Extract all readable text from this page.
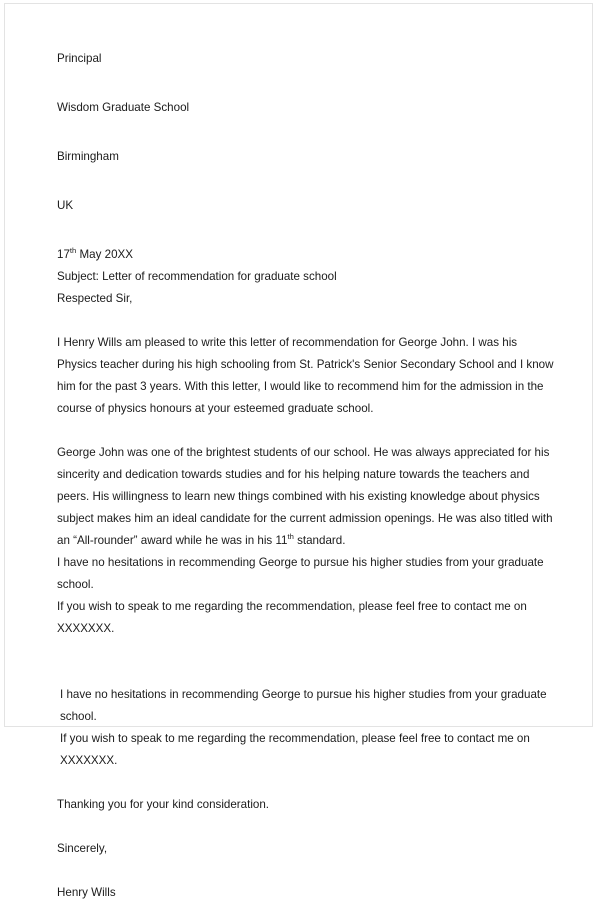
Principal

Wisdom Graduate School

Birmingham

UK

17th May 20XX

Subject: Letter of recommendation for graduate school

Respected Sir,

I Henry Wills am pleased to write this letter of recommendation for George John. I was his Physics teacher during his high schooling from St. Patrick's Senior Secondary School and I know him for the past 3 years. With this letter, I would like to recommend him for the admission in the course of physics honours at your esteemed graduate school.

George John was one of the brightest students of our school. He was always appreciated for his sincerity and dedication towards studies and for his helping nature towards the teachers and peers. His willingness to learn new things combined with his existing knowledge about physics subject makes him an ideal candidate for the current admission openings. He was also titled with an “All-rounder” award while he was in his 11th standard.

I have no hesitations in recommending George to pursue his higher studies from your graduate school.

If you wish to speak to me regarding the recommendation, please feel free to contact me on XXXXXXX.

I have no hesitations in recommending George to pursue his higher studies from your graduate school.

If you wish to speak to me regarding the recommendation, please feel free to contact me on XXXXXXX.

Thanking you for your kind consideration.

Sincerely,

Henry Wills
